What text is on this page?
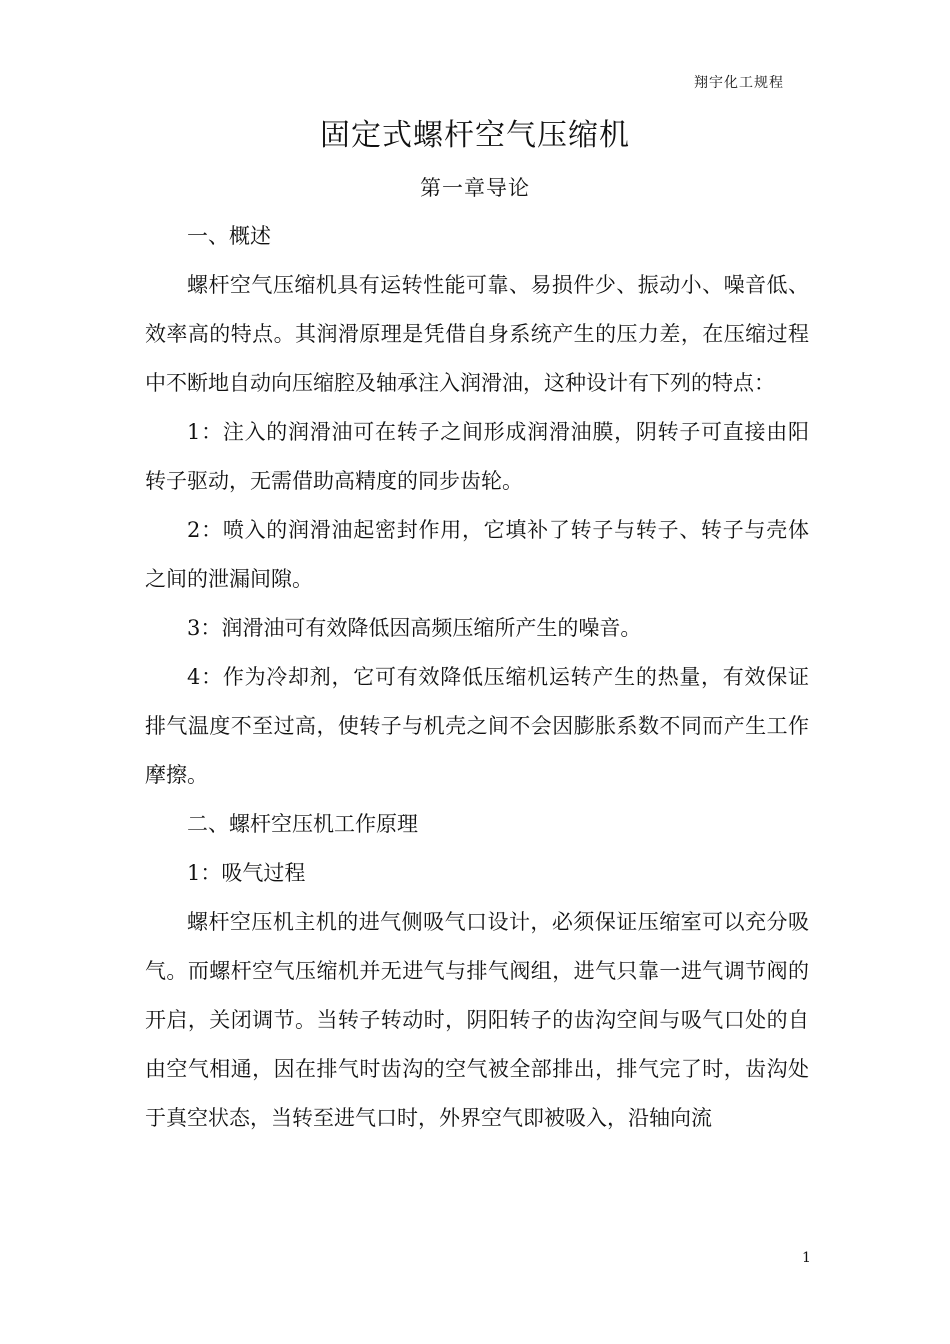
翔宇化工规程
固定式螺杆空气压缩机
第一章导论

一、概述

螺杆空气压缩机具有运转性能可靠、易损件少、振动小、噪音低、效率高的特点。其润滑原理是凭借自身系统产生的压力差，在压缩过程中不断地自动向压缩腔及轴承注入润滑油，这种设计有下列的特点：

1：注入的润滑油可在转子之间形成润滑油膜，阴转子可直接由阳转子驱动，无需借助高精度的同步齿轮。

2：喷入的润滑油起密封作用，它填补了转子与转子、转子与壳体之间的泄漏间隙。

3：润滑油可有效降低因高频压缩所产生的噪音。

4：作为冷却剂，它可有效降低压缩机运转产生的热量，有效保证排气温度不至过高，使转子与机壳之间不会因膨胀系数不同而产生工作摩擦。

二、螺杆空压机工作原理

1：吸气过程

螺杆空压机主机的进气侧吸气口设计，必须保证压缩室可以充分吸气。而螺杆空气压缩机并无进气与排气阀组，进气只靠一进气调节阀的开启，关闭调节。当转子转动时，阴阳转子的齿沟空间与吸气口处的自由空气相通，因在排气时齿沟的空气被全部排出，排气完了时，齿沟处于真空状态，当转至进气口时，外界空气即被吸入，沿轴向流

1
